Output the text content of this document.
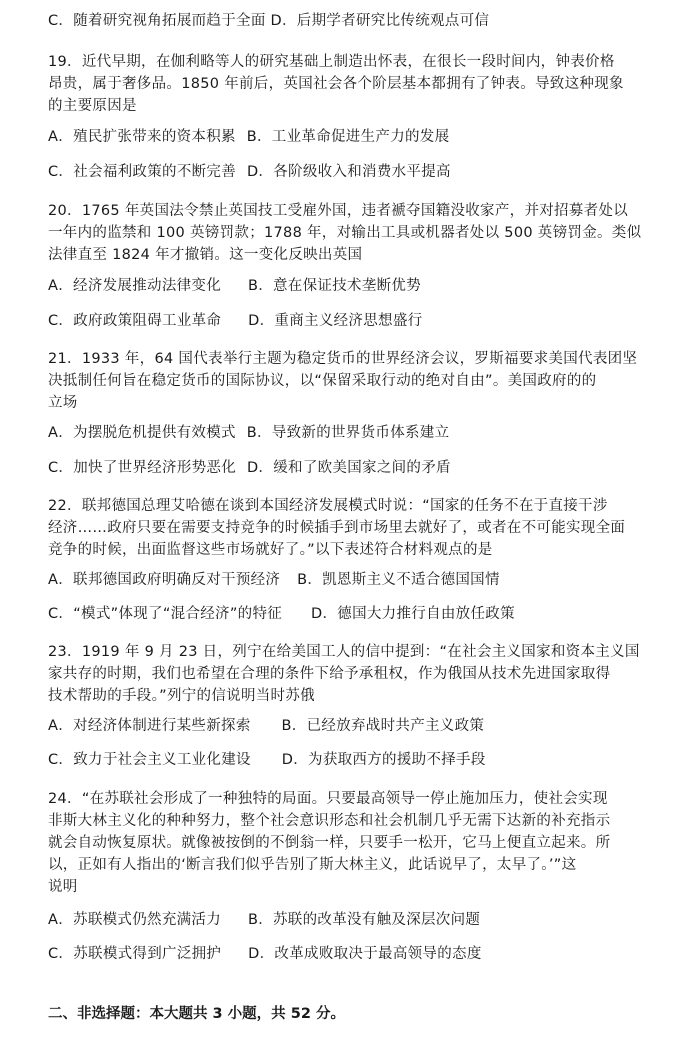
C．随着研究视角拓展而趋于全面 D．后期学者研究比传统观点可信
19．近代早期，在伽利略等人的研究基础上制造出怀表，在很长一段时间内，钟表价格
昂贵，属于奢侈品。1850 年前后，英国社会各个阶层基本都拥有了钟表。导致这种现象
的主要原因是
A．殖民扩张带来的资本积累 B．工业革命促进生产力的发展
C．社会福利政策的不断完善 D．各阶级收入和消费水平提高
20．1765 年英国法令禁止英国技工受雇外国，违者褫夺国籍没收家产，并对招募者处以
一年内的监禁和 100 英镑罚款；1788 年，对输出工具或机器者处以 500 英镑罚金。类似
法律直至 1824 年才撤销。这一变化反映出英国
A．经济发展推动法律变化 B．意在保证技术垄断优势
C．政府政策阻碍工业革命 D．重商主义经济思想盛行
21．1933 年，64 国代表举行主题为稳定货币的世界经济会议，罗斯福要求美国代表团坚
决抵制任何旨在稳定货币的国际协议，以“保留采取行动的绝对自由”。美国政府的的
立场
A．为摆脱危机提供有效模式 B．导致新的世界货币体系建立
C．加快了世界经济形势恶化 D．缓和了欧美国家之间的矛盾
22．联邦德国总理艾哈德在谈到本国经济发展模式时说：“国家的任务不在于直接干涉
经济……政府只要在需要支持竞争的时候插手到市场里去就好了，或者在不可能实现全面
竞争的时候，出面监督这些市场就好了。”以下表述符合材料观点的是
A．联邦德国政府明确反对干预经济 B．凯恩斯主义不适合德国国情
C．“模式”体现了“混合经济”的特征 D．德国大力推行自由放任政策
23．1919 年 9 月 23 日，列宁在给美国工人的信中提到：“在社会主义国家和资本主义国
家共存的时期，我们也希望在合理的条件下给予承租权，作为俄国从技术先进国家取得
技术帮助的手段。”列宁的信说明当时苏俄
A．对经济体制进行某些新探索 B．已经放弃战时共产主义政策
C．致力于社会主义工业化建设 D．为获取西方的援助不择手段
24．“在苏联社会形成了一种独特的局面。只要最高领导一停止施加压力，使社会实现
非斯大林主义化的种种努力，整个社会意识形态和社会机制几乎无需下达新的补充指示
就会自动恢复原状。就像被按倒的不倒翁一样，只要手一松开，它马上便直立起来。所
以，正如有人指出的‘断言我们似乎告别了斯大林主义，此话说早了，太早了。’”这
说明
A．苏联模式仍然充满活力 B．苏联的改革没有触及深层次问题
C．苏联模式得到广泛拥护 D．改革成败取决于最高领导的态度
二、非选择题：本大题共 3 小题，共 52 分。
